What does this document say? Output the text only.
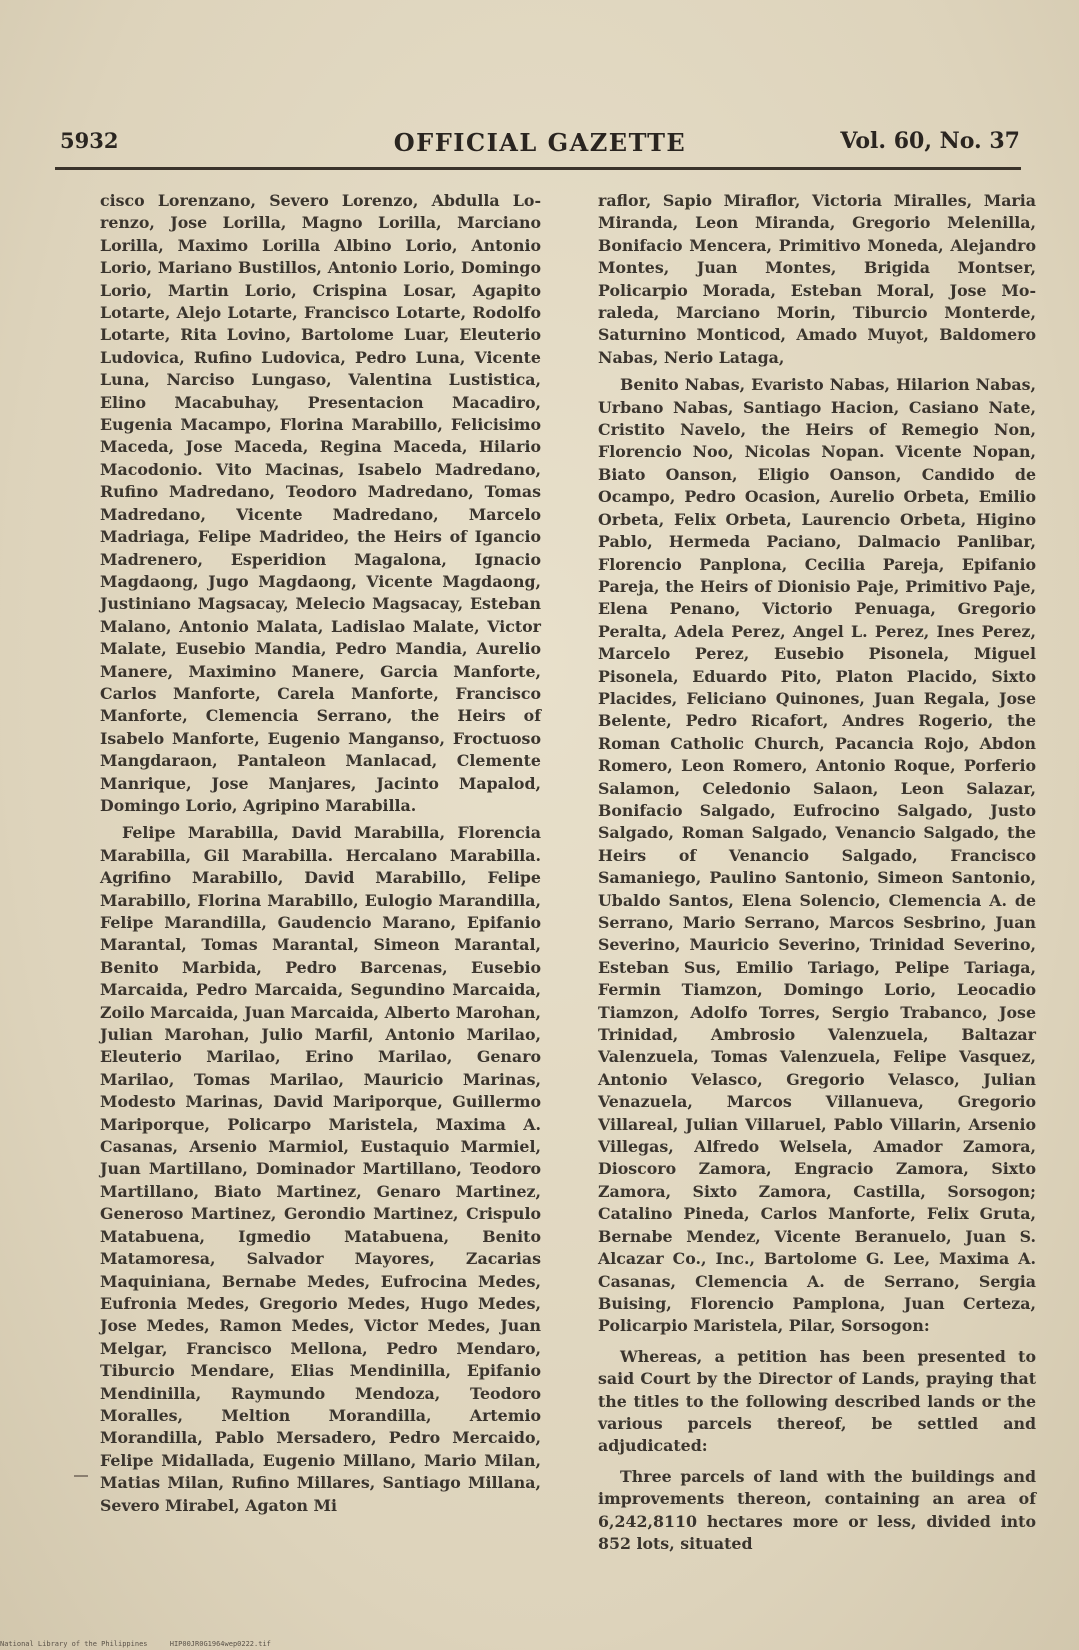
5932	OFFICIAL GAZETTE	Vol. 60, No. 37

cisco Lorenzano, Severo Lorenzo, Abdulla Lorenzo, Jose Lorilla, Magno Lorilla, Marciano Lorilla, Maximo Lorilla Albino Lorio, Antonio Lorio, Mariano Bustillos, Antonio Lorio, Domingo Lorio, Martin Lorio, Crispina Losar, Agapito Lotarte, Alejo Lotarte, Francisco Lotarte, Rodolfo Lotarte, Rita Lovino, Bartolome Luar, Eleuterio Ludovica, Rufino Ludovica, Pedro Luna, Vicente Luna, Narciso Lungaso, Valentina Lustistica, Elino Macabuhay, Presentacion Macadiro, Eugenia Macampo, Florina Marabillo, Felicisimo Maceda, Jose Maceda, Regina Maceda, Hilario Macodonio. Vito Macinas, Isabelo Madredano, Rufino Madredano, Teodoro Madredano, Tomas Madredano, Vicente Madredano, Marcelo Madriaga, Felipe Madrideo, the Heirs of Igancio Madrenero, Esperidion Magalona, Ignacio Magdaong, Jugo Magdaong, Vicente Magdaong, Justiniano Magsacay, Melecio Magsacay, Esteban Malano, Antonio Malata, Ladislao Malate, Victor Malate, Eusebio Mandia, Pedro Mandia, Aurelio Manere, Maximino Manere, Garcia Manforte, Carlos Manforte, Carela Manforte, Francisco Manforte, Clemencia Serrano, the Heirs of Isabelo Manforte, Eugenio Manganso, Froctuoso Mangdaraon, Pantaleon Manlacad, Clemente Manrique, Jose Manjares, Jacinto Mapalod, Domingo Lorio, Agripino Marabilla.

Felipe Marabilla, David Marabilla, Florencia Marabilla, Gil Marabilla. Hercalano Marabilla. Agrifino Marabillo, David Marabillo, Felipe Marabillo, Florina Marabillo, Eulogio Marandilla, Felipe Marandilla, Gaudencio Marano, Epifanio Marantal, Tomas Marantal, Simeon Marantal, Benito Marbida, Pedro Barcenas, Eusebio Marcaida, Pedro Marcaida, Segundino Marcaida, Zoilo Marcaida, Juan Marcaida, Alberto Marohan, Julian Marohan, Julio Marfil, Antonio Marilao, Eleuterio Marilao, Erino Marilao, Genaro Marilao, Tomas Marilao, Mauricio Marinas, Modesto Marinas, David Mariporque, Guillermo Mariporque, Policarpo Maristela, Maxima A. Casanas, Arsenio Marmiol, Eustaquio Marmiel, Juan Martillano, Dominador Martillano, Teodoro Martillano, Biato Martinez, Genaro Martinez, Generoso Martinez, Gerondio Martinez, Crispulo Matabuena, Igmedio Matabuena, Benito Matamoresa, Salvador Mayores, Zacarias Maquiniana, Bernabe Medes, Eufrocina Medes, Eufronia Medes, Gregorio Medes, Hugo Medes, Jose Medes, Ramon Medes, Victor Medes, Juan Melgar, Francisco Mellona, Pedro Mendaro, Tiburcio Mendare, Elias Mendinilla, Epifanio Mendinilla, Raymundo Mendoza, Teodoro Moralles, Meltion Morandilla, Artemio Morandilla, Pablo Mersadero, Pedro Mercaido, Felipe Midallada, Eugenio Millano, Mario Milan, Matias Milan, Rufino Millares, Santiago Millana, Severo Mirabel, Agaton Mi

raflor, Sapio Miraflor, Victoria Miralles, Maria Miranda, Leon Miranda, Gregorio Melenilla, Bonifacio Mencera, Primitivo Moneda, Alejandro Montes, Juan Montes, Brigida Montser, Policarpio Morada, Esteban Moral, Jose Moraleda, Marciano Morin, Tiburcio Monterde, Saturnino Monticod, Amado Muyot, Baldomero Nabas, Nerio Lataga,

Benito Nabas, Evaristo Nabas, Hilarion Nabas, Urbano Nabas, Santiago Hacion, Casiano Nate, Cristito Navelo, the Heirs of Remegio Non, Florencio Noo, Nicolas Nopan. Vicente Nopan, Biato Oanson, Eligio Oanson, Candido de Ocampo, Pedro Ocasion, Aurelio Orbeta, Emilio Orbeta, Felix Orbeta, Laurencio Orbeta, Higino Pablo, Hermeda Paciano, Dalmacio Panlibar, Florencio Panplona, Cecilia Pareja, Epifanio Pareja, the Heirs of Dionisio Paje, Primitivo Paje, Elena Penano, Victorio Penuaga, Gregorio Peralta, Adela Perez, Angel L. Perez, Ines Perez, Marcelo Perez, Eusebio Pisonela, Miguel Pisonela, Eduardo Pito, Platon Placido, Sixto Placides, Feliciano Quinones, Juan Regala, Jose Belente, Pedro Ricafort, Andres Rogerio, the Roman Catholic Church, Pacancia Rojo, Abdon Romero, Leon Romero, Antonio Roque, Porferio Salamon, Celedonio Salaon, Leon Salazar, Bonifacio Salgado, Eufrocino Salgado, Justo Salgado, Roman Salgado, Venancio Salgado, the Heirs of Venancio Salgado, Francisco Samaniego, Paulino Santonio, Simeon Santonio, Ubaldo Santos, Elena Solencio, Clemencia A. de Serrano, Mario Serrano, Marcos Sesbrino, Juan Severino, Mauricio Severino, Trinidad Severino, Esteban Sus, Emilio Tariago, Pelipe Tariaga, Fermin Tiamzon, Domingo Lorio, Leocadio Tiamzon, Adolfo Torres, Sergio Trabanco, Jose Trinidad, Ambrosio Valenzuela, Baltazar Valenzuela, Tomas Valenzuela, Felipe Vasquez, Antonio Velasco, Gregorio Velasco, Julian Venazuela, Marcos Villanueva, Gregorio Villareal, Julian Villaruel, Pablo Villarin, Arsenio Villegas, Alfredo Welsela, Amador Zamora, Dioscoro Zamora, Engracio Zamora, Sixto Zamora, Sixto Zamora, Castilla, Sorsogon; Catalino Pineda, Carlos Manforte, Felix Gruta, Bernabe Mendez, Vicente Beranuelo, Juan S. Alcazar Co., Inc., Bartolome G. Lee, Maxima A. Casanas, Clemencia A. de Serrano, Sergia Buising, Florencio Pamplona, Juan Certeza, Policarpio Maristela, Pilar, Sorsogon:

Whereas, a petition has been presented to said Court by the Director of Lands, praying that the titles to the following described lands or the various parcels thereof, be settled and adjudicated:

Three parcels of land with the buildings and improvements thereon, containing an area of 6,242,8110 hectares more or less, divided into 852 lots, situated

National Library of the Philippines	HIP00JR0G1964wep0222.tif
